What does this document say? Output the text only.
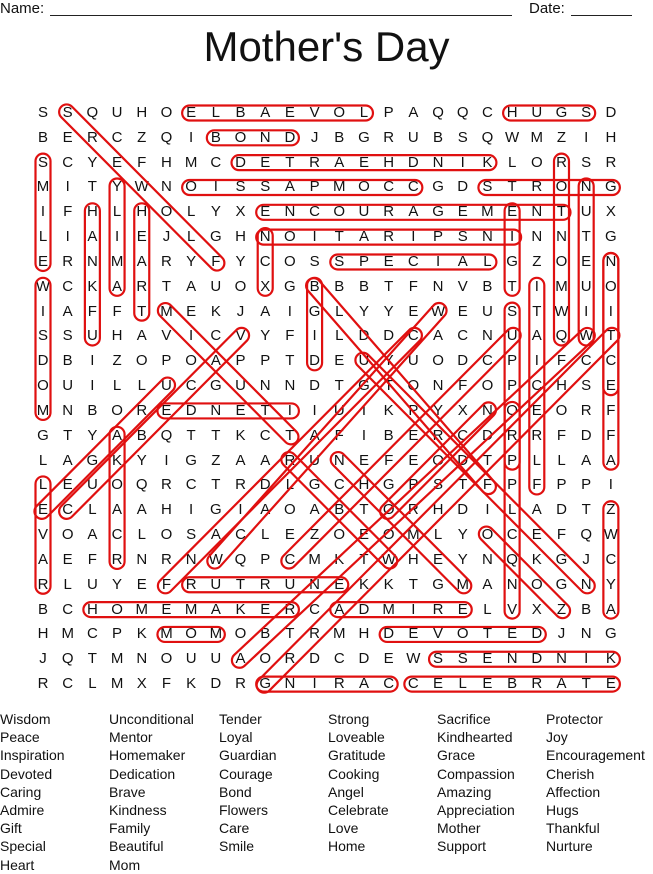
Name:	Date:
Mother's Day
S S Q U H O E	L	B A E V O L	P A Q Q C H U G S D
B E R C Z Q	I	B O N D	J	B G R U B S Q W M Z	I	H
S C Y E	F H M C D E	T R A E H D N	I	K	L O R S R
M	I	T	Y W N O	I	S S A P M O C C G D S	T R O N G
I	F H	L	H O L	Y X E N C O U R A G E M E N T U X
L	I	A	I	E	J	L G H N O	I	T	A R	I	P S N	I	N N T G
E R N M A R Y	F	Y C O S S P E C	I	A	L G Z O E N
W C K A R T	A U O X G B B B	T	F N V B	T	I	M U O
I	A	F	F	T M E K	J	A	I	G L	Y Y E W E U S	T W	I	I
S S U H A V	I	C V Y	F	I	L	D D C A C N U A Q W T
D B	I	Z O P O A P P	T D E U Y U O D C P	I	F C C
O U	I	L	L	U C G U N N D T G T O N F O P C H S E
M N B O R E D N E	T	I	I	U	I	K P Y X N O E O R F
G T	Y A B Q T	T	K C T	A	F	I	B E R C D R R F D F
L	A G K Y	I	G Z	A A R U N E	F	E O D T	P	L	L	A A
L	E U O Q R C T R D	L G C H G P S	T	F	P	F	P P	I
E C	L	A A H	I	G	I	A O A B	T O R H D	I	L	A D T	Z
V O A C	L O S A C	L	E	Z O E O M L	Y O C E	F Q W
A E	F R N R N W Q P C M K	T W H E Y N Q K G	J	C
R	L	U Y E	F R U T R U N E K K	T G M A N O G N Y
B C H O M E M A K E R C A D M	I	R E	L	V X	Z	B A
H M C P K M O M O B	T R M H D E V O T	E D	J	N G
J	Q T M N O U U A O R D C D E W S S E N D N	I	K
R C	L M X	F	K D R G N	I	R A C C E	L	E B R A	T	E
Wisdom
Peace
Inspiration
Devoted
Caring
Admire
Gift
Special
Heart
Unconditional
Mentor
Homemaker
Dedication
Brave
Kindness
Family
Beautiful
Mom
Tender
Loyal
Guardian
Courage
Bond
Flowers
Care
Smile
Strong
Loveable
Gratitude
Cooking
Angel
Celebrate
Love
Home
Sacrifice
Kindhearted
Grace
Compassion
Amazing
Appreciation
Mother
Support
Protector
Joy
Encouragement
Cherish
Affection
Hugs
Thankful
Nurture
